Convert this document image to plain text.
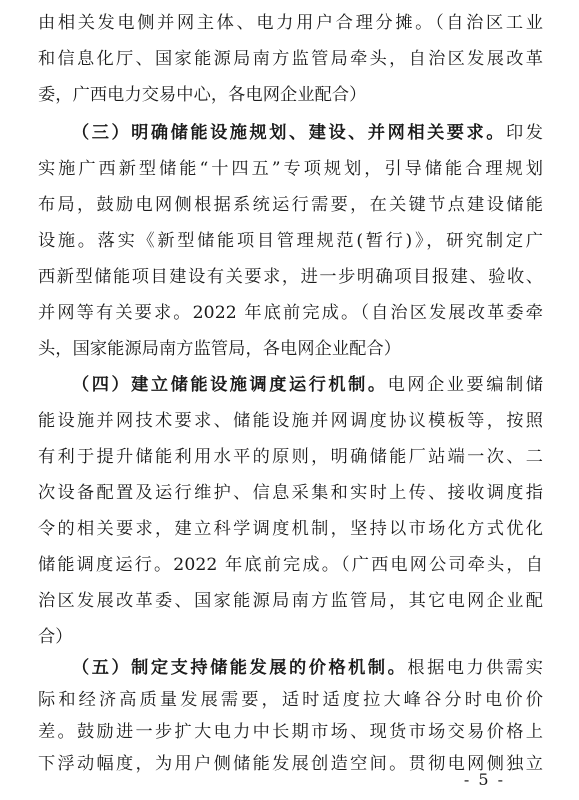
由相关发电侧并网主体、电力用户合理分摊。（自治区工业
和信息化厅、国家能源局南方监管局牵头，自治区发展改革
委，广西电力交易中心，各电网企业配合）
（三）明确储能设施规划、建设、并网相关要求。印发
实施广西新型储能“十四五”专项规划，引导储能合理规划
布局，鼓励电网侧根据系统运行需要，在关键节点建设储能
设施。落实《新型储能项目管理规范(暂行)》，研究制定广
西新型储能项目建设有关要求，进一步明确项目报建、验收、
并网等有关要求。2022 年底前完成。（自治区发展改革委牵
头，国家能源局南方监管局，各电网企业配合）
（四）建立储能设施调度运行机制。电网企业要编制储
能设施并网技术要求、储能设施并网调度协议模板等，按照
有利于提升储能利用水平的原则，明确储能厂站端一次、二
次设备配置及运行维护、信息采集和实时上传、接收调度指
令的相关要求，建立科学调度机制，坚持以市场化方式优化
储能调度运行。2022 年底前完成。（广西电网公司牵头，自
治区发展改革委、国家能源局南方监管局，其它电网企业配
合）
（五）制定支持储能发展的价格机制。根据电力供需实
际和经济高质量发展需要，适时适度拉大峰谷分时电价价
差。鼓励进一步扩大电力中长期市场、现货市场交易价格上
下浮动幅度，为用户侧储能发展创造空间。贯彻电网侧独立
- 5 -
